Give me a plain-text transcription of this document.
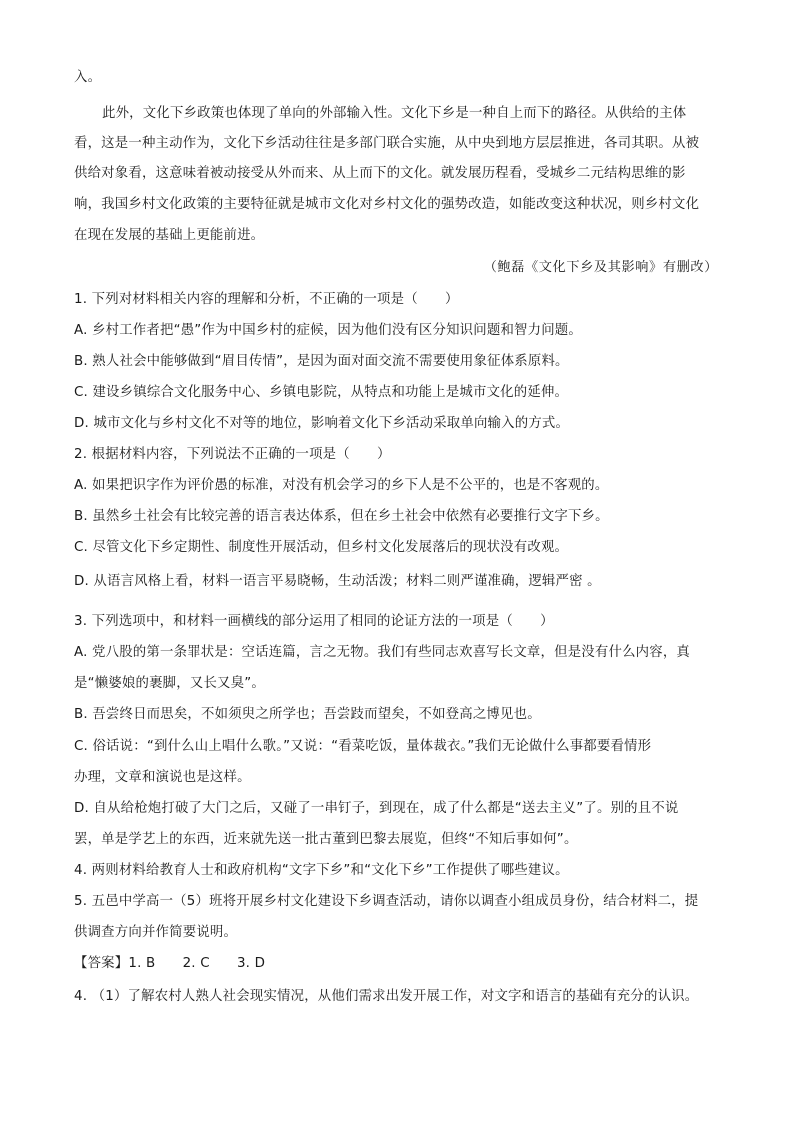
入。
此外，文化下乡政策也体现了单向的外部输入性。文化下乡是一种自上而下的路径。从供给的主体
看，这是一种主动作为，文化下乡活动往往是多部门联合实施，从中央到地方层层推进，各司其职。从被
供给对象看，这意味着被动接受从外而来、从上而下的文化。就发展历程看，受城乡二元结构思维的影
响，我国乡村文化政策的主要特征就是城市文化对乡村文化的强势改造，如能改变这种状况，则乡村文化
在现在发展的基础上更能前进。
（鲍磊《文化下乡及其影响》有删改）
1. 下列对材料相关内容的理解和分析，不正确的一项是（　　）
A. 乡村工作者把“愚”作为中国乡村的症候，因为他们没有区分知识问题和智力问题。
B. 熟人社会中能够做到“眉目传情”，是因为面对面交流不需要使用象征体系原料。
C. 建设乡镇综合文化服务中心、乡镇电影院，从特点和功能上是城市文化的延伸。
D. 城市文化与乡村文化不对等的地位，影响着文化下乡活动采取单向输入的方式。
2. 根据材料内容，下列说法不正确的一项是（　　）
A. 如果把识字作为评价愚的标准，对没有机会学习的乡下人是不公平的，也是不客观的。
B. 虽然乡土社会有比较完善的语言表达体系，但在乡土社会中依然有必要推行文字下乡。
C. 尽管文化下乡定期性、制度性开展活动，但乡村文化发展落后的现状没有改观。
D. 从语言风格上看，材料一语言平易晓畅，生动活泼；材料二则严谨准确，逻辑严密 。
3. 下列选项中，和材料一画横线的部分运用了相同的论证方法的一项是（　　）
A. 党八股的第一条罪状是：空话连篇，言之无物。我们有些同志欢喜写长文章，但是没有什么内容，真
是“懒婆娘的裹脚，又长又臭”。
B. 吾尝终日而思矣，不如须臾之所学也；吾尝跂而望矣，不如登高之博见也。
C. 俗话说：“到什么山上唱什么歌。”又说：“看菜吃饭，量体裁衣。”我们无论做什么事都要看情形
办理，文章和演说也是这样。
D. 自从给枪炮打破了大门之后，又碰了一串钉子，到现在，成了什么都是“送去主义”了。别的且不说
罢，单是学艺上的东西，近来就先送一批古董到巴黎去展览，但终“不知后事如何”。
4. 两则材料给教育人士和政府机构“文字下乡”和“文化下乡”工作提供了哪些建议。
5. 五邑中学高一（5）班将开展乡村文化建设下乡调查活动，请你以调查小组成员身份，结合材料二，提
供调查方向并作简要说明。
【答案】1. B　　2. C　　3. D
4. （1）了解农村人熟人社会现实情况，从他们需求出发开展工作，对文字和语言的基础有充分的认识。
